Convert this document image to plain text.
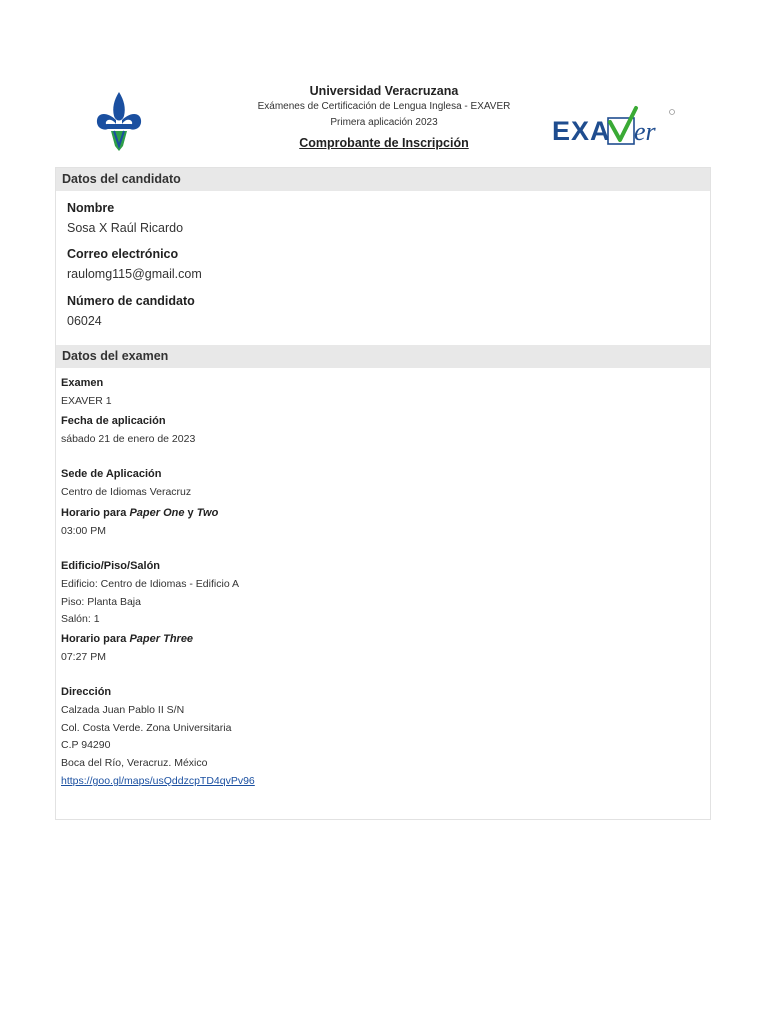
Universidad Veracruzana
Exámenes de Certificación de Lengua Inglesa - EXAVER
Primera aplicación 2023
Comprobante de Inscripción	EXA er
Datos del candidato
Nombre
Sosa X Raúl Ricardo
Correo electrónico
raulomg115@gmail.com
Número de candidato
06024
Datos del examen
Examen
EXAVER 1
Fecha de aplicación
sábado 21 de enero de 2023
Sede de Aplicación
Centro de Idiomas Veracruz
Horario para Paper One y Two
03:00 PM
Edificio/Piso/Salón
Edificio: Centro de Idiomas - Edificio A
Piso: Planta Baja
Salón: 1
Horario para Paper Three
07:27 PM
Dirección
Calzada Juan Pablo II S/N
Col. Costa Verde. Zona Universitaria
C.P 94290
Boca del Río, Veracruz. México
https://goo.gl/maps/usQddzcpTD4qvPv96
